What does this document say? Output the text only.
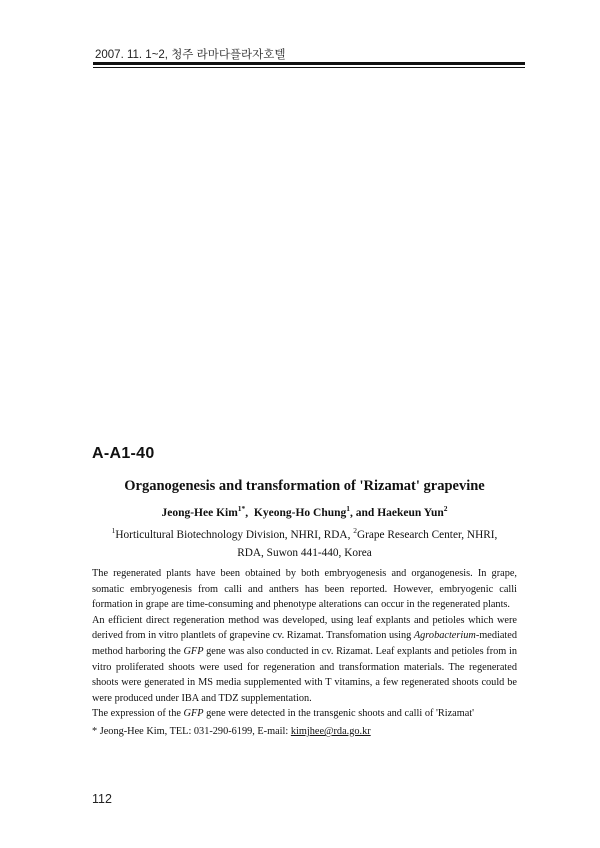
2007. 11. 1~2, 청주 라마다플라자호텔
A-A1-40
Organogenesis and transformation of 'Rizamat' grapevine
Jeong-Hee Kim$^{1*}$,  Kyeong-Ho Chung$^1$, and Haekeun Yun$^2$
$^1$Horticultural Biotechnology Division, NHRI, RDA, $^2$Grape Research Center, NHRI,
RDA, Suwon 441-440, Korea

The regenerated plants have been obtained by both embryogenesis and organogenesis. In grape, somatic embryogenesis from calli and anthers has been reported. However, embryogenic calli formation in grape are time-consuming and phenotype alterations can occur in the regenerated plants.

An efficient direct regeneration method was developed, using leaf explants and petioles which were derived from in vitro plantlets of grapevine cv. Rizamat. Transfomation using Agrobacterium-mediated method harboring the GFP gene was also conducted in cv. Rizamat. Leaf explants and petioles from in vitro proliferated shoots were used for regeneration and transformation materials. The regenerated shoots were generated in MS media supplemented with T vitamins, a few regenerated shoots could be were produced under IBA and TDZ supplementation.

The expression of the GFP gene were detected in the transgenic shoots and calli of 'Rizamat'

* Jeong-Hee Kim, TEL: 031-290-6199, E-mail: kimjhee@rda.go.kr
112
